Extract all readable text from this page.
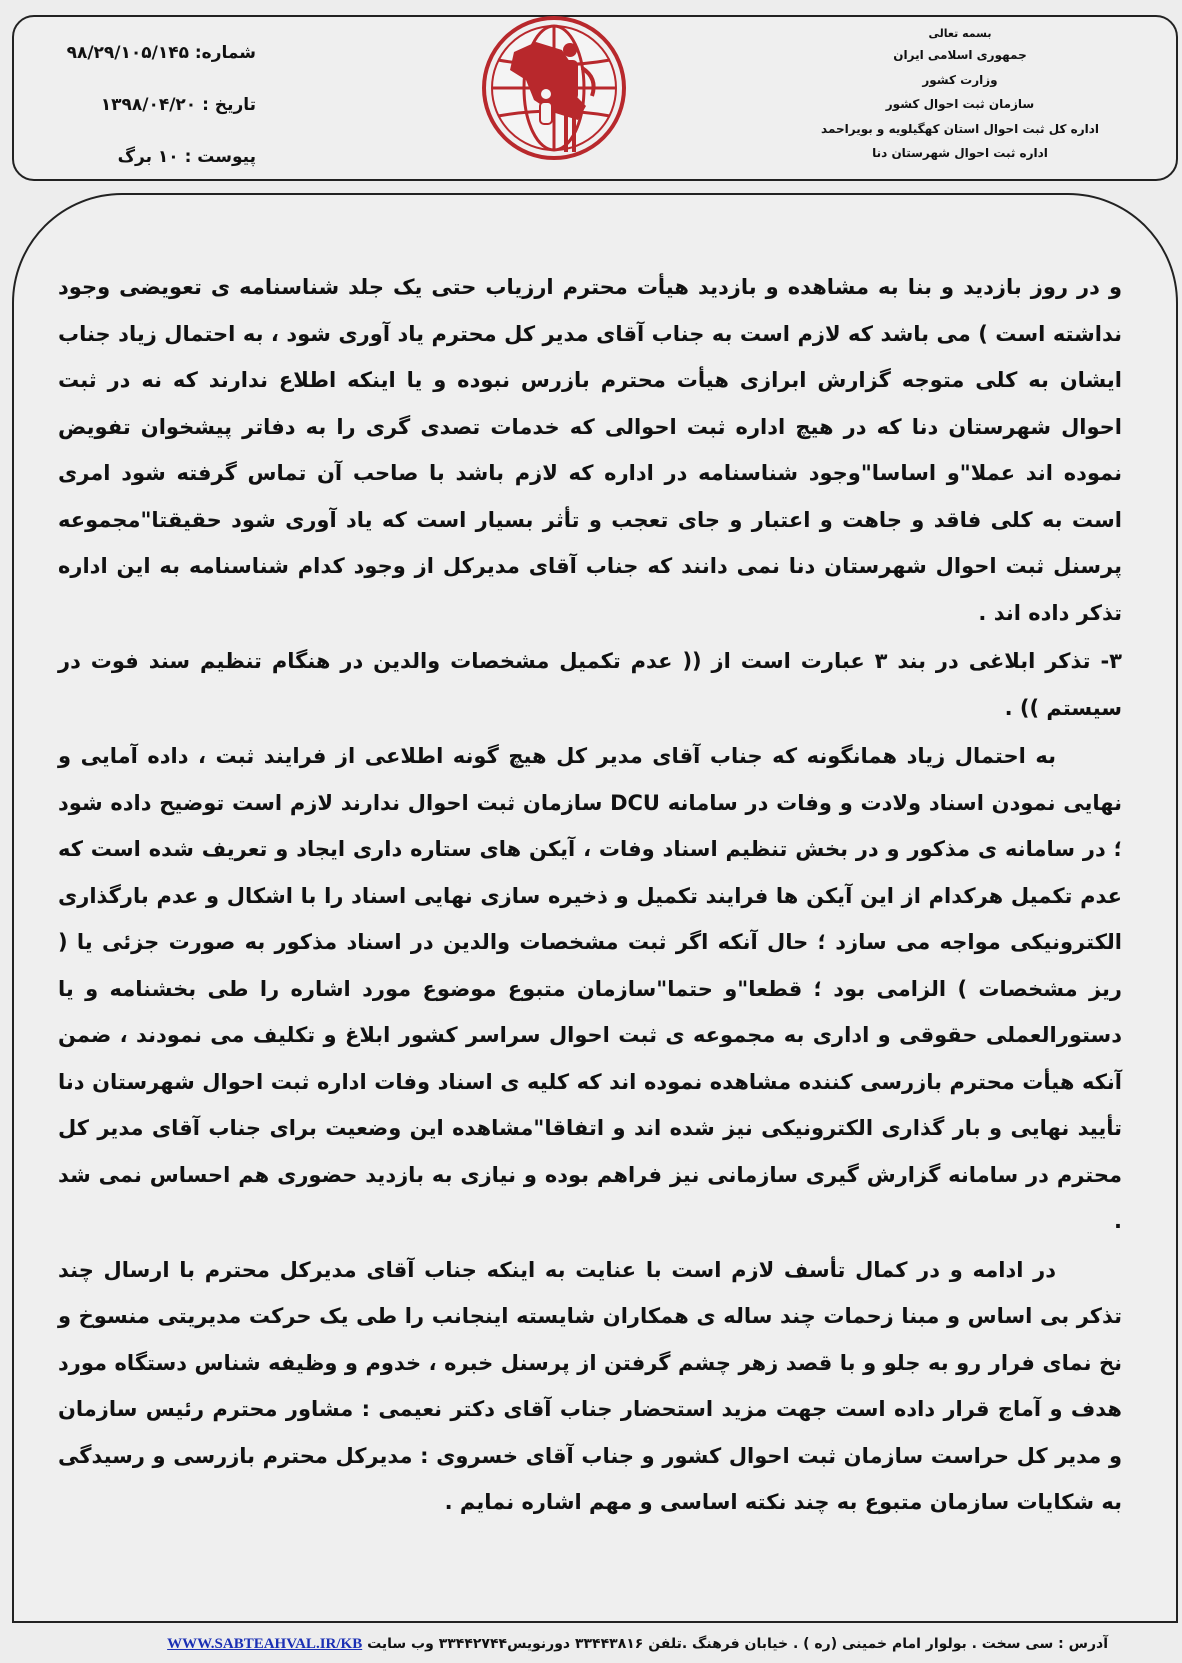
بسمه تعالی
جمهوری اسلامی ایران
وزارت کشور
سازمان ثبت احوال کشور
اداره کل ثبت احوال استان کهگیلویه و بویراحمد
اداره ثبت احوال شهرستان دنا
شماره: ۹۸/۲۹/۱۰۵/۱۴۵
تاریخ : ۱۳۹۸/۰۴/۲۰
پیوست : ۱۰ برگ

و در روز بازدید و بنا به مشاهده و بازدید هیأت محترم ارزیاب حتی یک جلد شناسنامه ی تعویضی وجود نداشته است ) می باشد که لازم است به جناب آقای مدیر کل محترم یاد آوری شود ، به احتمال زیاد جناب ایشان به کلی متوجه گزارش ابرازی هیأت محترم بازرس نبوده و یا اینکه اطلاع ندارند که نه در ثبت احوال شهرستان دنا که در هیچ اداره ثبت احوالی که خدمات تصدی گری را به دفاتر پیشخوان تفویض نموده اند عملا"و اساسا"وجود شناسنامه در اداره که لازم باشد با صاحب آن تماس گرفته شود امری است به کلی فاقد و جاهت و اعتبار و جای تعجب و تأثر بسیار است که یاد آوری شود حقیقتا"مجموعه پرسنل ثبت احوال شهرستان دنا نمی دانند که جناب آقای مدیرکل از وجود کدام شناسنامه به این اداره تذکر داده اند .

۳- تذکر ابلاغی در بند ۳ عبارت است از (( عدم تکمیل مشخصات والدین در هنگام تنظیم سند فوت در سیستم )) .

به احتمال زیاد همانگونه که جناب آقای مدیر کل هیچ گونه اطلاعی از فرایند ثبت ، داده آمایی و نهایی نمودن اسناد ولادت و وفات در سامانه DCU سازمان ثبت احوال ندارند لازم است توضیح داده شود ؛ در سامانه ی مذکور و در بخش تنظیم اسناد وفات ، آیکن های ستاره داری ایجاد و تعریف شده است که عدم تکمیل هرکدام از این آیکن ها فرایند تکمیل و ذخیره سازی نهایی اسناد را با اشکال و عدم بارگذاری الکترونیکی مواجه می سازد ؛ حال آنکه اگر ثبت مشخصات والدین در اسناد مذکور به صورت جزئی یا ( ریز مشخصات ) الزامی بود ؛ قطعا"و حتما"سازمان متبوع موضوع مورد اشاره را طی بخشنامه و یا دستورالعملی حقوقی و اداری به مجموعه ی ثبت احوال سراسر کشور ابلاغ و تکلیف می نمودند ، ضمن آنکه هیأت محترم بازرسی کننده مشاهده نموده اند که کلیه ی اسناد وفات اداره ثبت احوال شهرستان دنا تأیید نهایی و بار گذاری الکترونیکی نیز شده اند و اتفاقا"مشاهده این وضعیت برای جناب آقای مدیر کل محترم در سامانه گزارش گیری سازمانی نیز فراهم بوده و نیازی به بازدید حضوری هم احساس نمی شد .

در ادامه و در کمال تأسف لازم است با عنایت به اینکه جناب آقای مدیرکل محترم با ارسال چند تذکر بی اساس و مبنا زحمات چند ساله ی همکاران شایسته اینجانب را طی یک حرکت مدیریتی منسوخ و نخ نمای فرار رو به جلو و با قصد زهر چشم گرفتن از پرسنل خبره ، خدوم و وظیفه شناس دستگاه مورد هدف و آماج قرار داده است جهت مزید استحضار جناب آقای دکتر نعیمی : مشاور محترم رئیس سازمان و مدیر کل حراست سازمان ثبت احوال کشور و جناب آقای خسروی : مدیرکل محترم بازرسی و رسیدگی به شکایات سازمان متبوع به چند نکته اساسی و مهم اشاره نمایم .

آدرس : سی سخت . بولوار امام خمینی (ره ) . خیابان فرهنگ .تلفن ۳۳۴۴۳۸۱۶ دورنویس۳۳۴۴۲۷۴۴ وب سایت WWW.SABTEAHVAL.IR/KB
